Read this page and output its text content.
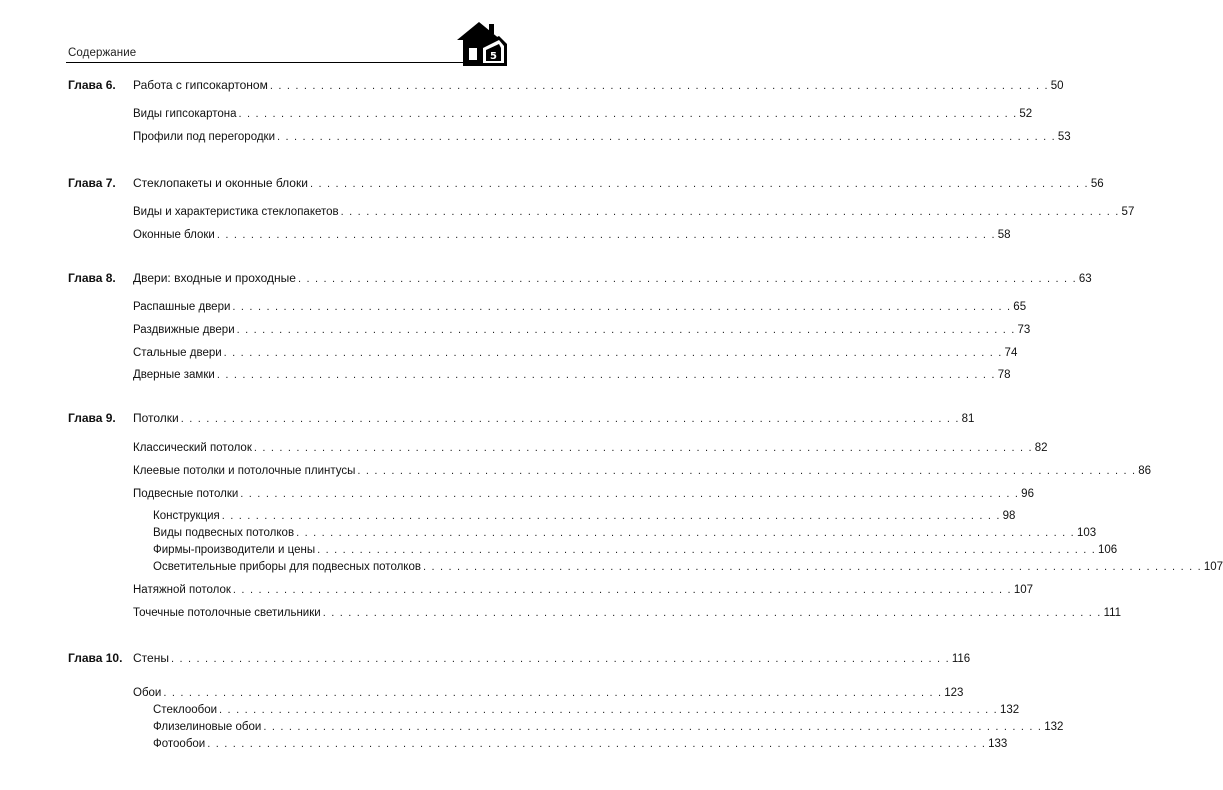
Содержание	5
Глава 6. Работа с гипсокартоном . . . . . . . . . . . . . . . . . . . . . . . . . . . . . . . . . . . . . . . . . . . . . . . . . . . . . . . . . . . . . . . . . . . . . . . . . . . . . . . . . . . . . . . . . . . . 50
Виды гипсокартона . . . . . . . . . . . . . . . . . . . . . . . . . . . . . . . . . . . . . . . . . . . . . . . . . . . . . . . . . . . . . . . . . . . . . . . . . . . . . . . . . . . . . . . . . . . . 52
Профили под перегородки . . . . . . . . . . . . . . . . . . . . . . . . . . . . . . . . . . . . . . . . . . . . . . . . . . . . . . . . . . . . . . . . . . . . . . . . . . . . . . . . . . . . . . . . . . . . 53
Глава 7. Стеклопакеты и оконные блоки . . . . . . . . . . . . . . . . . . . . . . . . . . . . . . . . . . . . . . . . . . . . . . . . . . . . . . . . . . . . . . . . . . . . . . . . . . . . . . . . . . . . . . . . . . . . 56
Виды и характеристика стеклопакетов . . . . . . . . . . . . . . . . . . . . . . . . . . . . . . . . . . . . . . . . . . . . . . . . . . . . . . . . . . . . . . . . . . . . . . . . . . . . . . . . . . . . . . . . . . . . 57
Оконные блоки . . . . . . . . . . . . . . . . . . . . . . . . . . . . . . . . . . . . . . . . . . . . . . . . . . . . . . . . . . . . . . . . . . . . . . . . . . . . . . . . . . . . . . . . . . . . 58
Глава 8. Двери: входные и проходные . . . . . . . . . . . . . . . . . . . . . . . . . . . . . . . . . . . . . . . . . . . . . . . . . . . . . . . . . . . . . . . . . . . . . . . . . . . . . . . . . . . . . . . . . . . . 63
Распашные двери . . . . . . . . . . . . . . . . . . . . . . . . . . . . . . . . . . . . . . . . . . . . . . . . . . . . . . . . . . . . . . . . . . . . . . . . . . . . . . . . . . . . . . . . . . . . 65
Раздвижные двери . . . . . . . . . . . . . . . . . . . . . . . . . . . . . . . . . . . . . . . . . . . . . . . . . . . . . . . . . . . . . . . . . . . . . . . . . . . . . . . . . . . . . . . . . . . . 73
Стальные двери . . . . . . . . . . . . . . . . . . . . . . . . . . . . . . . . . . . . . . . . . . . . . . . . . . . . . . . . . . . . . . . . . . . . . . . . . . . . . . . . . . . . . . . . . . . . 74
Дверные замки . . . . . . . . . . . . . . . . . . . . . . . . . . . . . . . . . . . . . . . . . . . . . . . . . . . . . . . . . . . . . . . . . . . . . . . . . . . . . . . . . . . . . . . . . . . . 78
Глава 9. Потолки . . . . . . . . . . . . . . . . . . . . . . . . . . . . . . . . . . . . . . . . . . . . . . . . . . . . . . . . . . . . . . . . . . . . . . . . . . . . . . . . . . . . . . . . . . . . 81
Классический потолок . . . . . . . . . . . . . . . . . . . . . . . . . . . . . . . . . . . . . . . . . . . . . . . . . . . . . . . . . . . . . . . . . . . . . . . . . . . . . . . . . . . . . . . . . . . . 82
Клеевые потолки и потолочные плинтусы . . . . . . . . . . . . . . . . . . . . . . . . . . . . . . . . . . . . . . . . . . . . . . . . . . . . . . . . . . . . . . . . . . . . . . . . . . . . . . . . . . . . . . . . . . . . 86
Подвесные потолки . . . . . . . . . . . . . . . . . . . . . . . . . . . . . . . . . . . . . . . . . . . . . . . . . . . . . . . . . . . . . . . . . . . . . . . . . . . . . . . . . . . . . . . . . . . . 96
Конструкция . . . . . . . . . . . . . . . . . . . . . . . . . . . . . . . . . . . . . . . . . . . . . . . . . . . . . . . . . . . . . . . . . . . . . . . . . . . . . . . . . . . . . . . . . . . . 98
Виды подвесных потолков . . . . . . . . . . . . . . . . . . . . . . . . . . . . . . . . . . . . . . . . . . . . . . . . . . . . . . . . . . . . . . . . . . . . . . . . . . . . . . . . . . . . . . . . . . . . 103
Фирмы-производители и цены . . . . . . . . . . . . . . . . . . . . . . . . . . . . . . . . . . . . . . . . . . . . . . . . . . . . . . . . . . . . . . . . . . . . . . . . . . . . . . . . . . . . . . . . . . . . 106
Осветительные приборы для подвесных потолков . . . . . . . . . . . . . . . . . . . . . . . . . . . . . . . . . . . . . . . . . . . . . . . . . . . . . . . . . . . . . . . . . . . . . . . . . . . . . . . . . . . . . . . . . . . . 107
Натяжной потолок . . . . . . . . . . . . . . . . . . . . . . . . . . . . . . . . . . . . . . . . . . . . . . . . . . . . . . . . . . . . . . . . . . . . . . . . . . . . . . . . . . . . . . . . . . . . 107
Точечные потолочные светильники . . . . . . . . . . . . . . . . . . . . . . . . . . . . . . . . . . . . . . . . . . . . . . . . . . . . . . . . . . . . . . . . . . . . . . . . . . . . . . . . . . . . . . . . . . . . 111
Глава 10. Стены . . . . . . . . . . . . . . . . . . . . . . . . . . . . . . . . . . . . . . . . . . . . . . . . . . . . . . . . . . . . . . . . . . . . . . . . . . . . . . . . . . . . . . . . . . . . 116
Обои . . . . . . . . . . . . . . . . . . . . . . . . . . . . . . . . . . . . . . . . . . . . . . . . . . . . . . . . . . . . . . . . . . . . . . . . . . . . . . . . . . . . . . . . . . . . 123
Стеклообои . . . . . . . . . . . . . . . . . . . . . . . . . . . . . . . . . . . . . . . . . . . . . . . . . . . . . . . . . . . . . . . . . . . . . . . . . . . . . . . . . . . . . . . . . . . . 132
Флизелиновые обои . . . . . . . . . . . . . . . . . . . . . . . . . . . . . . . . . . . . . . . . . . . . . . . . . . . . . . . . . . . . . . . . . . . . . . . . . . . . . . . . . . . . . . . . . . . . 132
Фотообои . . . . . . . . . . . . . . . . . . . . . . . . . . . . . . . . . . . . . . . . . . . . . . . . . . . . . . . . . . . . . . . . . . . . . . . . . . . . . . . . . . . . . . . . . . . . 133
